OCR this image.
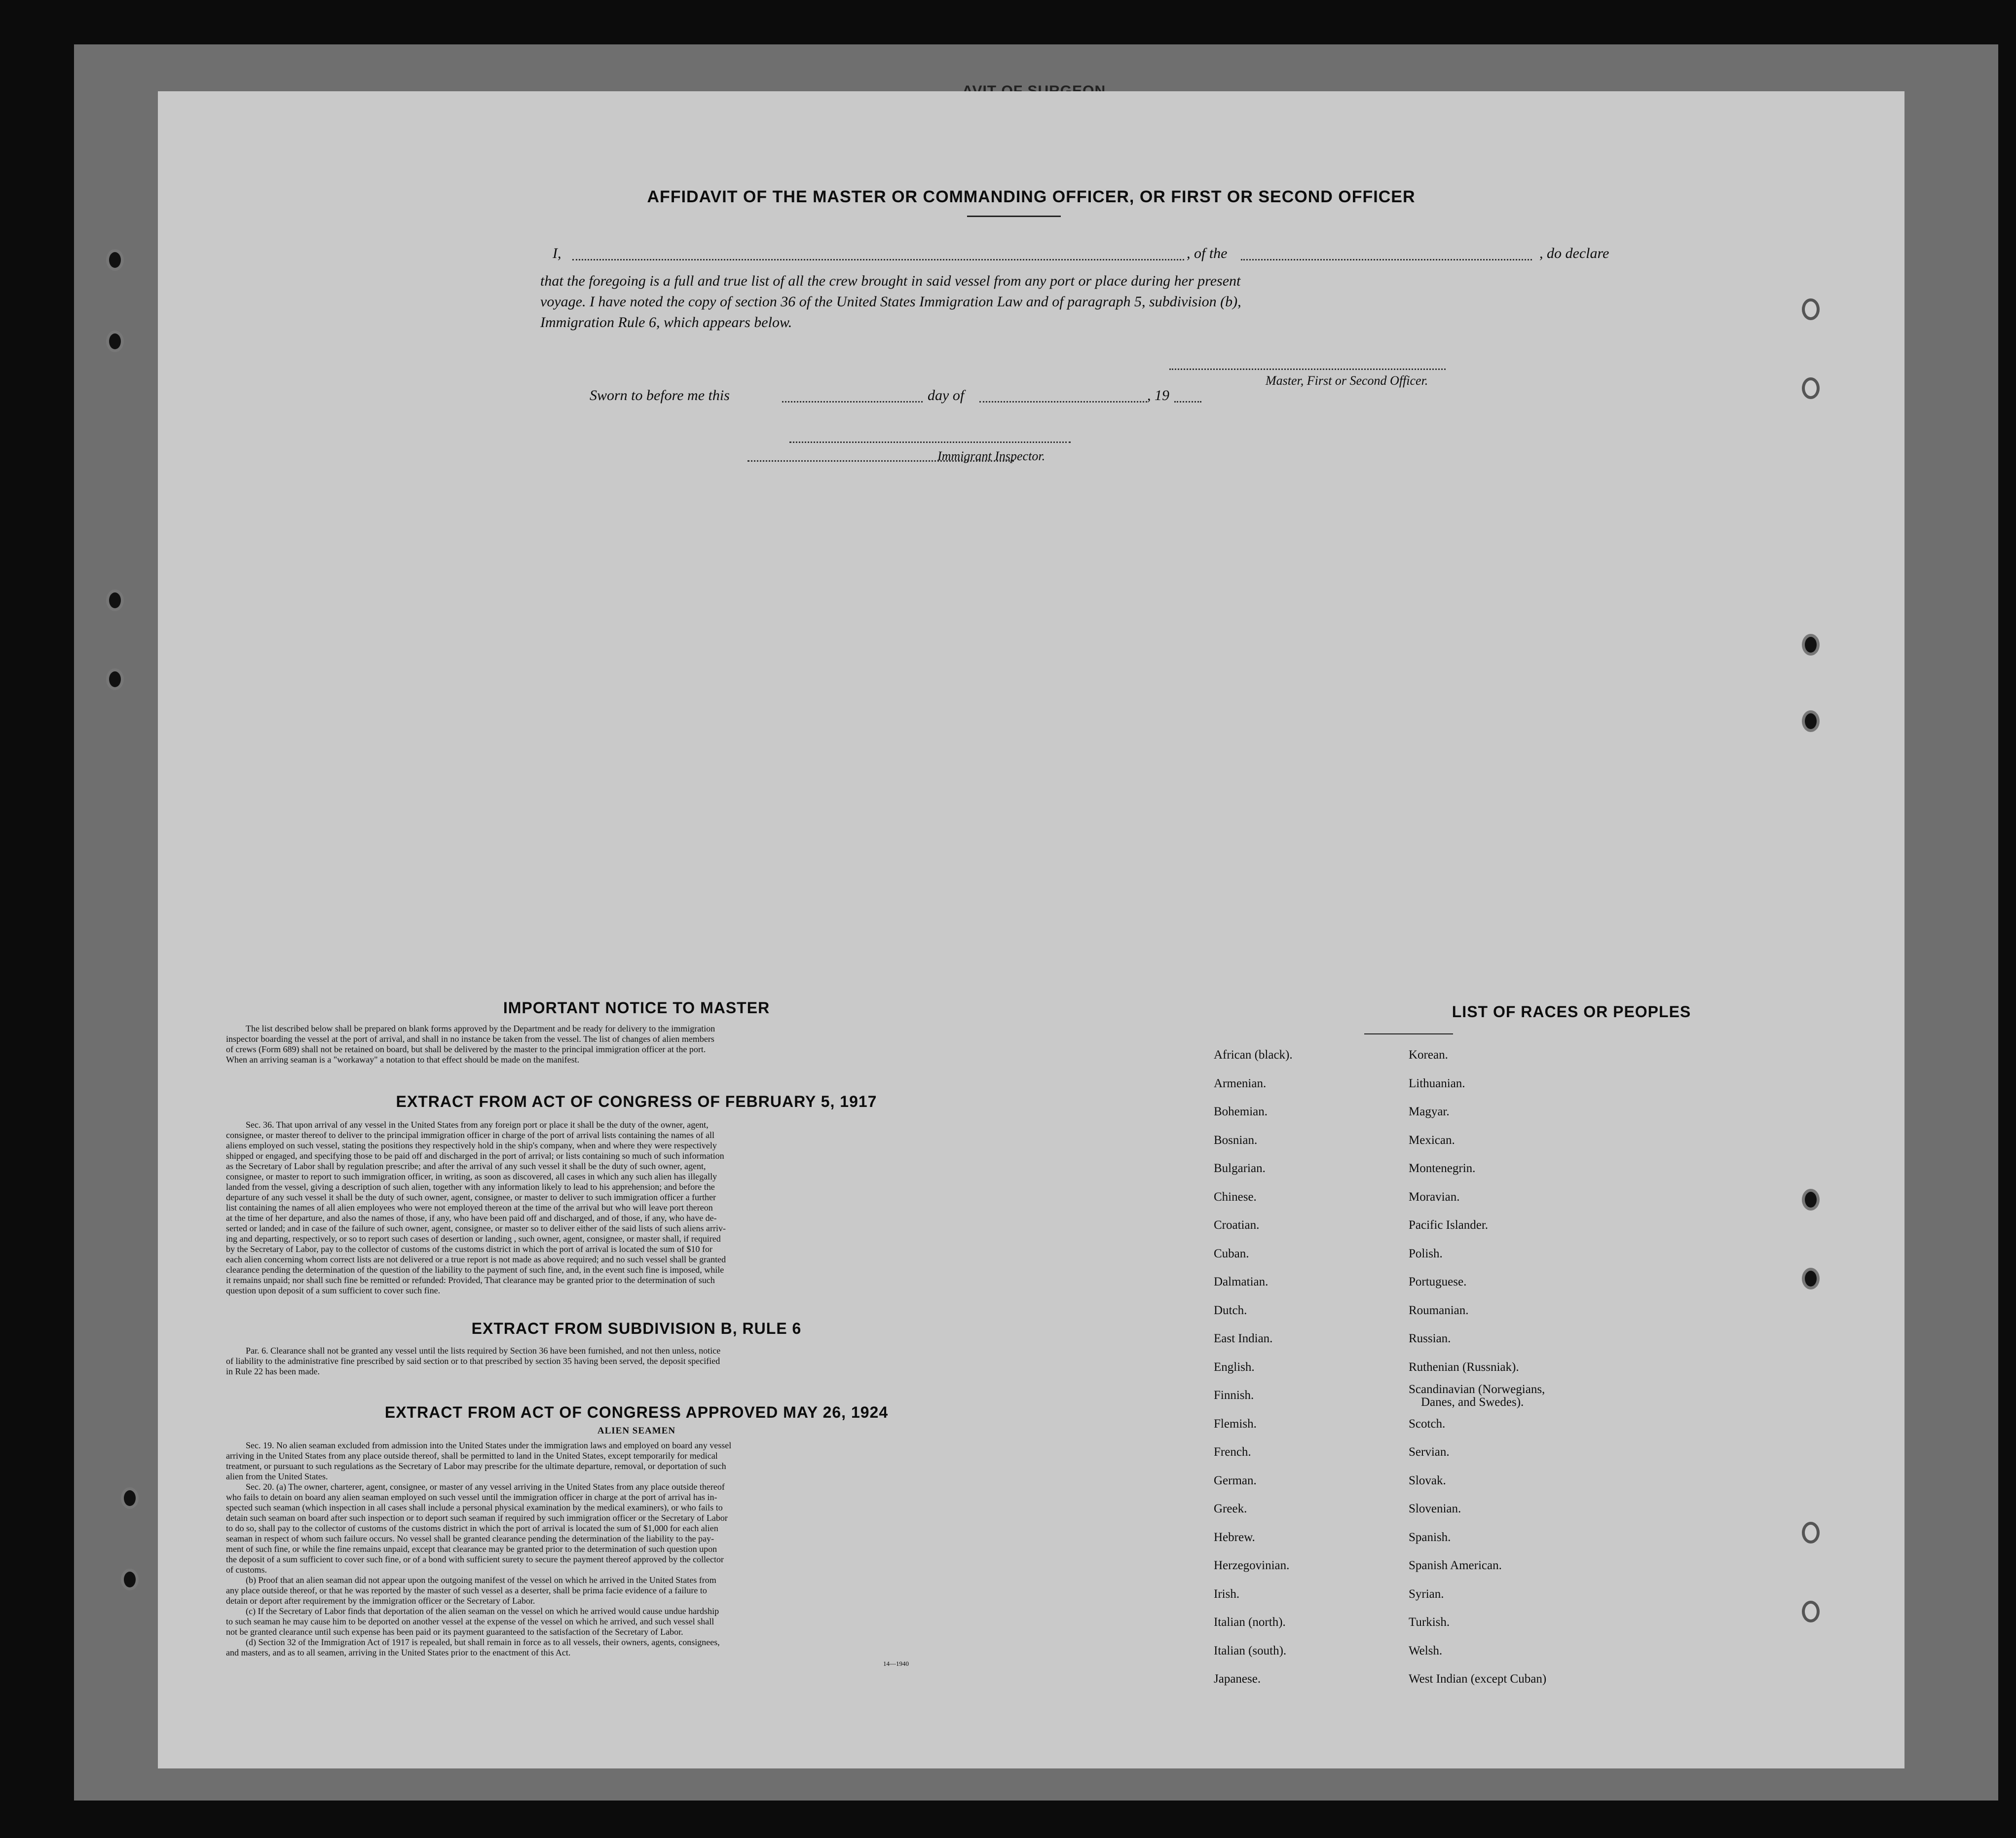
AFFIDAVIT OF THE MASTER OR COMMANDING OFFICER, OR FIRST OR SECOND OFFICER
I,	, of the	, do declare
that the foregoing is a full and true list of all the crew brought in said vessel from any port or place during her present
voyage. I have noted the copy of section 36 of the United States Immigration Law and of paragraph 5, subdivision (b),
Immigration Rule 6, which appears below.
Master, First or Second Officer.
Sworn to before me this	day of	, 19
Immigrant Inspector.
IMPORTANT NOTICE TO MASTER
The list described below shall be prepared on blank forms approved by the Department and be ready for delivery to the immigration
inspector boarding the vessel at the port of arrival, and shall in no instance be taken from the vessel. The list of changes of alien members
of crews (Form 689) shall not be retained on board, but shall be delivered by the master to the principal immigration officer at the port.
When an arriving seaman is a "workaway" a notation to that effect should be made on the manifest.
EXTRACT FROM ACT OF CONGRESS OF FEBRUARY 5, 1917
Sec. 36. That upon arrival of any vessel in the United States from any foreign port or place it shall be the duty of the owner, agent,
consignee, or master thereof to deliver to the principal immigration officer in charge of the port of arrival lists containing the names of all
aliens employed on such vessel, stating the positions they respectively hold in the ship's company, when and where they were respectively
shipped or engaged, and specifying those to be paid off and discharged in the port of arrival; or lists containing so much of such information
as the Secretary of Labor shall by regulation prescribe; and after the arrival of any such vessel it shall be the duty of such owner, agent,
consignee, or master to report to such immigration officer, in writing, as soon as discovered, all cases in which any such alien has illegally
landed from the vessel, giving a description of such alien, together with any information likely to lead to his apprehension; and before the
departure of any such vessel it shall be the duty of such owner, agent, consignee, or master to deliver to such immigration officer a further
list containing the names of all alien employees who were not employed thereon at the time of the arrival but who will leave port thereon
at the time of her departure, and also the names of those, if any, who have been paid off and discharged, and of those, if any, who have de-
serted or landed; and in case of the failure of such owner, agent, consignee, or master so to deliver either of the said lists of such aliens arriv-
ing and departing, respectively, or so to report such cases of desertion or landing , such owner, agent, consignee, or master shall, if required
by the Secretary of Labor, pay to the collector of customs of the customs district in which the port of arrival is located the sum of $10 for
each alien concerning whom correct lists are not delivered or a true report is not made as above required; and no such vessel shall be granted
clearance pending the determination of the question of the liability to the payment of such fine, and, in the event such fine is imposed, while
it remains unpaid; nor shall such fine be remitted or refunded: Provided, That clearance may be granted prior to the determination of such
question upon deposit of a sum sufficient to cover such fine.
EXTRACT FROM SUBDIVISION B, RULE 6
Par. 6. Clearance shall not be granted any vessel until the lists required by Section 36 have been furnished, and not then unless, notice
of liability to the administrative fine prescribed by said section or to that prescribed by section 35 having been served, the deposit specified
in Rule 22 has been made.
EXTRACT FROM ACT OF CONGRESS APPROVED MAY 26, 1924
ALIEN SEAMEN
Sec. 19. No alien seaman excluded from admission into the United States under the immigration laws and employed on board any vessel
arriving in the United States from any place outside thereof, shall be permitted to land in the United States, except temporarily for medical
treatment, or pursuant to such regulations as the Secretary of Labor may prescribe for the ultimate departure, removal, or deportation of such
alien from the United States.
Sec. 20. (a) The owner, charterer, agent, consignee, or master of any vessel arriving in the United States from any place outside thereof
who fails to detain on board any alien seaman employed on such vessel until the immigration officer in charge at the port of arrival has in-
spected such seaman (which inspection in all cases shall include a personal physical examination by the medical examiners), or who fails to
detain such seaman on board after such inspection or to deport such seaman if required by such immigration officer or the Secretary of Labor
to do so, shall pay to the collector of customs of the customs district in which the port of arrival is located the sum of $1,000 for each alien
seaman in respect of whom such failure occurs. No vessel shall be granted clearance pending the determination of the liability to the pay-
ment of such fine, or while the fine remains unpaid, except that clearance may be granted prior to the determination of such question upon
the deposit of a sum sufficient to cover such fine, or of a bond with sufficient surety to secure the payment thereof approved by the collector
of customs.
(b) Proof that an alien seaman did not appear upon the outgoing manifest of the vessel on which he arrived in the United States from
any place outside thereof, or that he was reported by the master of such vessel as a deserter, shall be prima facie evidence of a failure to
detain or deport after requirement by the immigration officer or the Secretary of Labor.
(c) If the Secretary of Labor finds that deportation of the alien seaman on the vessel on which he arrived would cause undue hardship
to such seaman he may cause him to be deported on another vessel at the expense of the vessel on which he arrived, and such vessel shall
not be granted clearance until such expense has been paid or its payment guaranteed to the satisfaction of the Secretary of Labor.
(d) Section 32 of the Immigration Act of 1917 is repealed, but shall remain in force as to all vessels, their owners, agents, consignees,
and masters, and as to all seamen, arriving in the United States prior to the enactment of this Act.
14—1940
LIST OF RACES OR PEOPLES
African (black).
Armenian.
Bohemian.
Bosnian.
Bulgarian.
Chinese.
Croatian.
Cuban.
Dalmatian.
Dutch.
East Indian.
English.
Finnish.
Flemish.
French.
German.
Greek.
Hebrew.
Herzegovinian.
Irish.
Italian (north).
Italian (south).
Japanese.
Korean.
Lithuanian.
Magyar.
Mexican.
Montenegrin.
Moravian.
Pacific Islander.
Polish.
Portuguese.
Roumanian.
Russian.
Ruthenian (Russniak).
Scandinavian (Norwegians,
Danes, and Swedes).
Scotch.
Servian.
Slovak.
Slovenian.
Spanish.
Spanish American.
Syrian.
Turkish.
Welsh.
West Indian (except Cuban)
